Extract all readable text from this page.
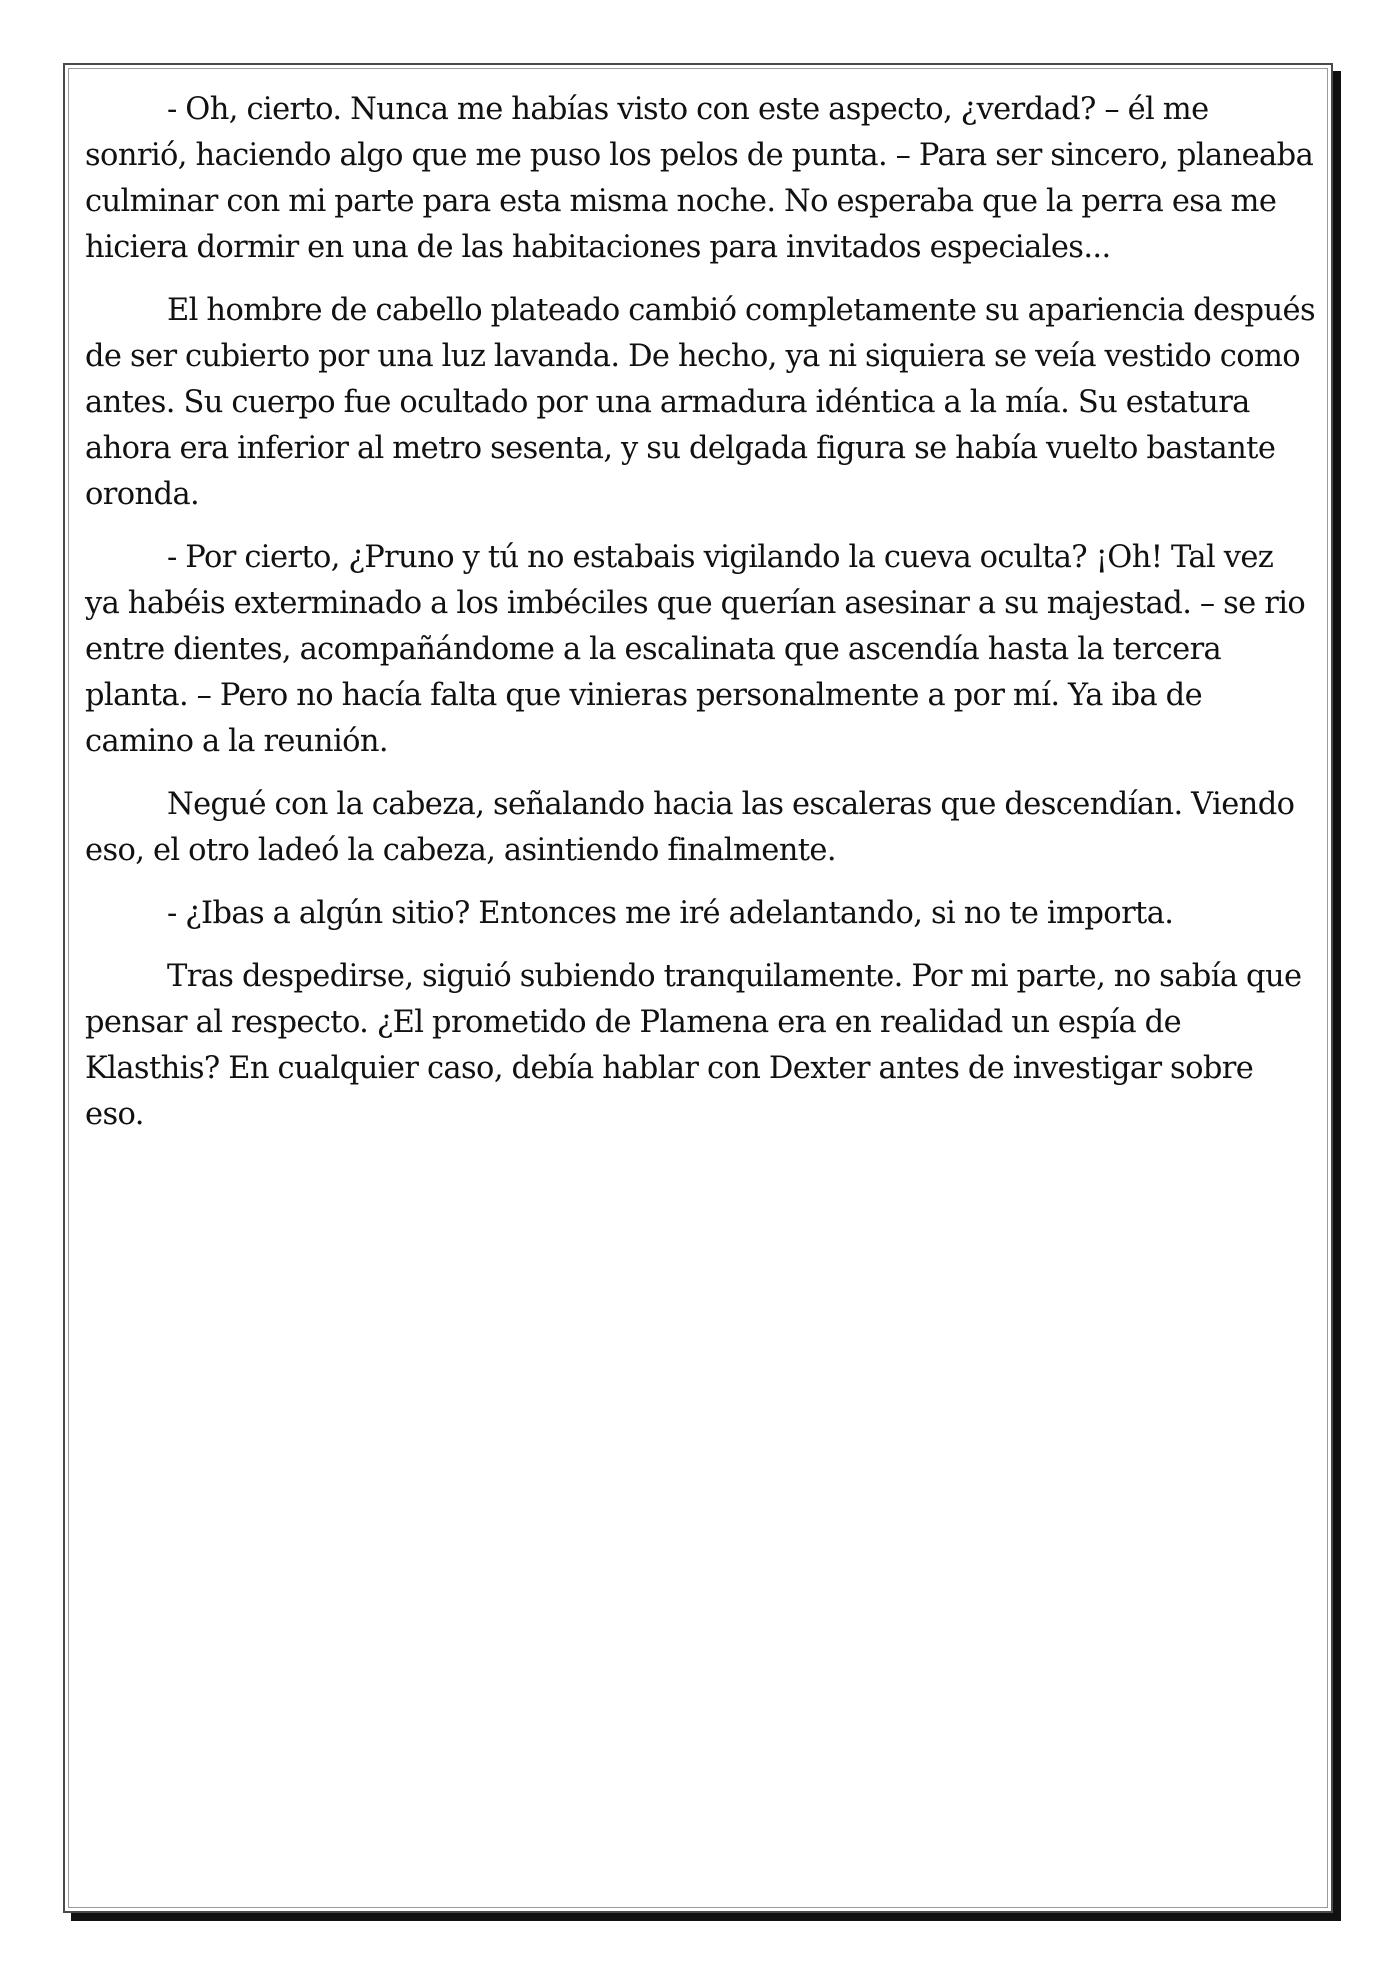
- Oh, cierto. Nunca me habías visto con este aspecto, ¿verdad? – él me sonrió, haciendo algo que me puso los pelos de punta. – Para ser sincero, planeaba culminar con mi parte para esta misma noche. No esperaba que la perra esa me hiciera dormir en una de las habitaciones para invitados especiales...

El hombre de cabello plateado cambió completamente su apariencia después de ser cubierto por una luz lavanda. De hecho, ya ni siquiera se veía vestido como antes. Su cuerpo fue ocultado por una armadura idéntica a la mía. Su estatura ahora era inferior al metro sesenta, y su delgada figura se había vuelto bastante oronda.

- Por cierto, ¿Pruno y tú no estabais vigilando la cueva oculta? ¡Oh! Tal vez ya habéis exterminado a los imbéciles que querían asesinar a su majestad. – se rio entre dientes, acompañándome a la escalinata que ascendía hasta la tercera planta. – Pero no hacía falta que vinieras personalmente a por mí. Ya iba de camino a la reunión.

Negué con la cabeza, señalando hacia las escaleras que descendían. Viendo eso, el otro ladeó la cabeza, asintiendo finalmente.

- ¿Ibas a algún sitio? Entonces me iré adelantando, si no te importa.

Tras despedirse, siguió subiendo tranquilamente. Por mi parte, no sabía que pensar al respecto. ¿El prometido de Plamena era en realidad un espía de Klasthis? En cualquier caso, debía hablar con Dexter antes de investigar sobre eso.
